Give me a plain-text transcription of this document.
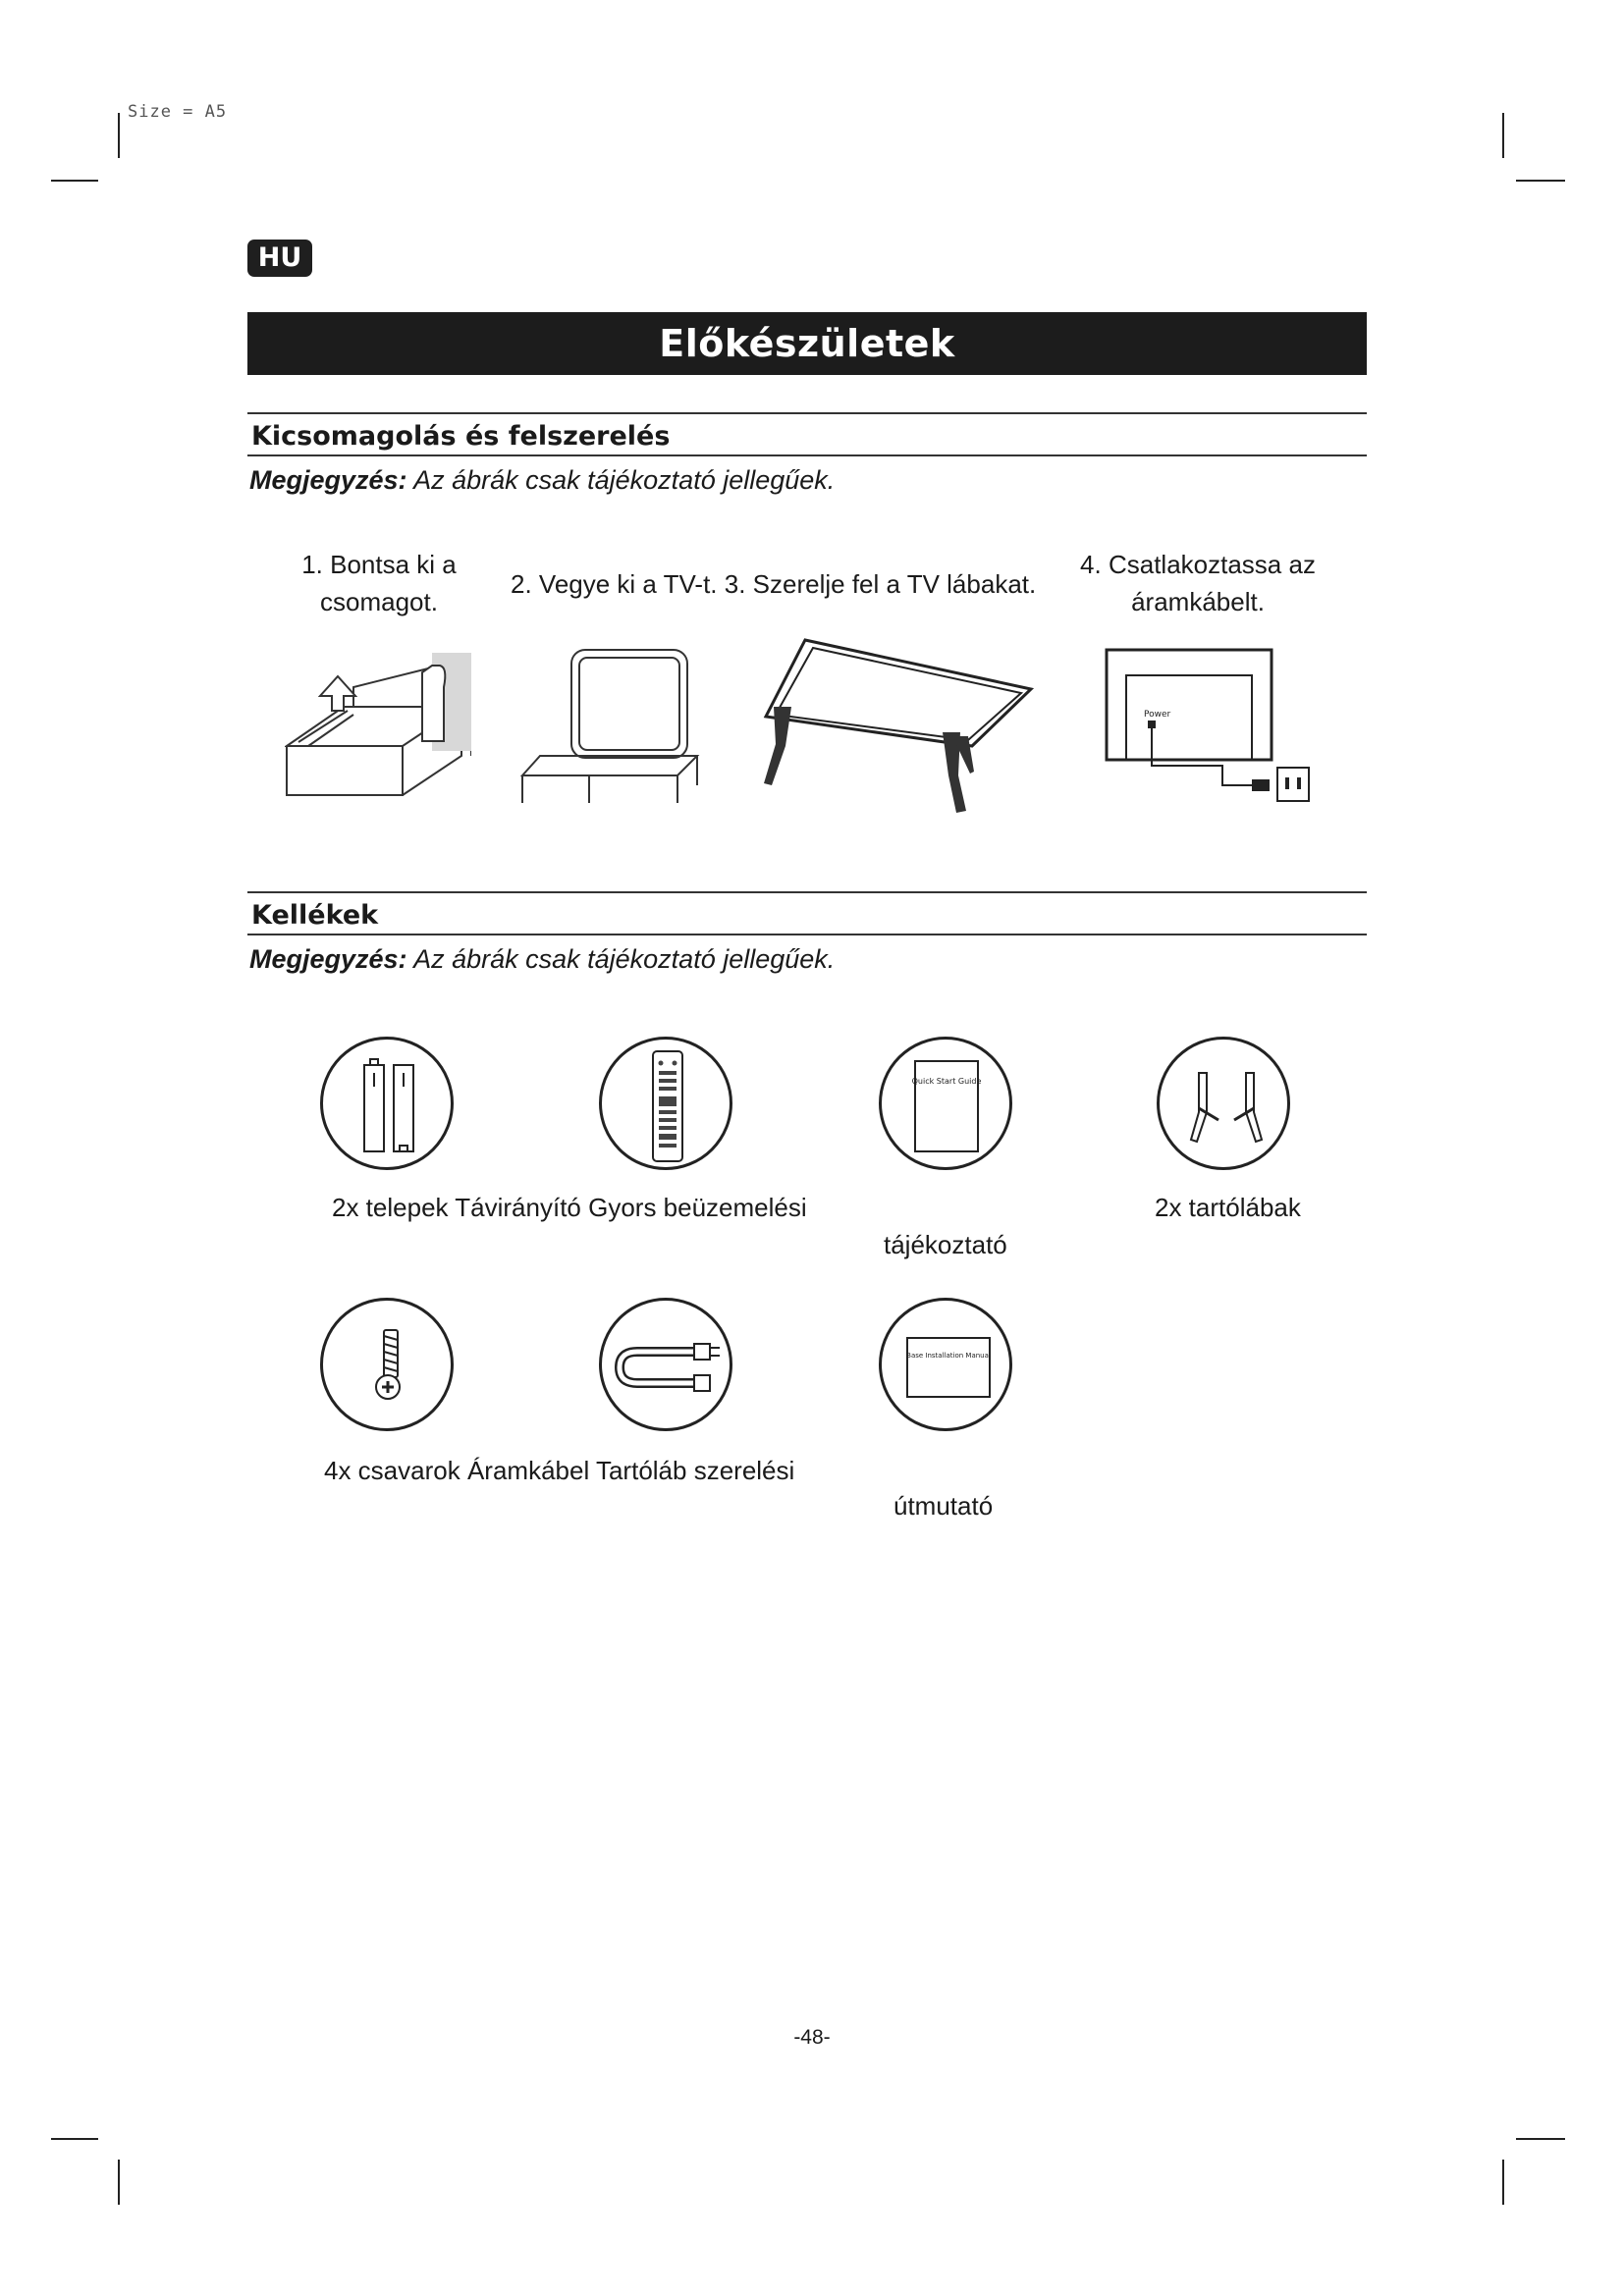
Size = A5
HU
Előkészületek
Kicsomagolás és felszerelés
Megjegyzés: Az ábrák csak tájékoztató jellegűek.
1. Bontsa ki a csomagot.
2. Vegye ki a TV-t. 3. Szerelje fel a TV lábakat.
4. Csatlakoztassa az áramkábelt.
Power
Kellékek
Megjegyzés: Az ábrák csak tájékoztató jellegűek.
Quick Start Guide
2x telepek Távirányító Gyors beüzemelési
tájékoztató
2x tartólábak
Base Installation Manual
4x csavarok Áramkábel Tartóláb szerelési
útmutató
-48-
